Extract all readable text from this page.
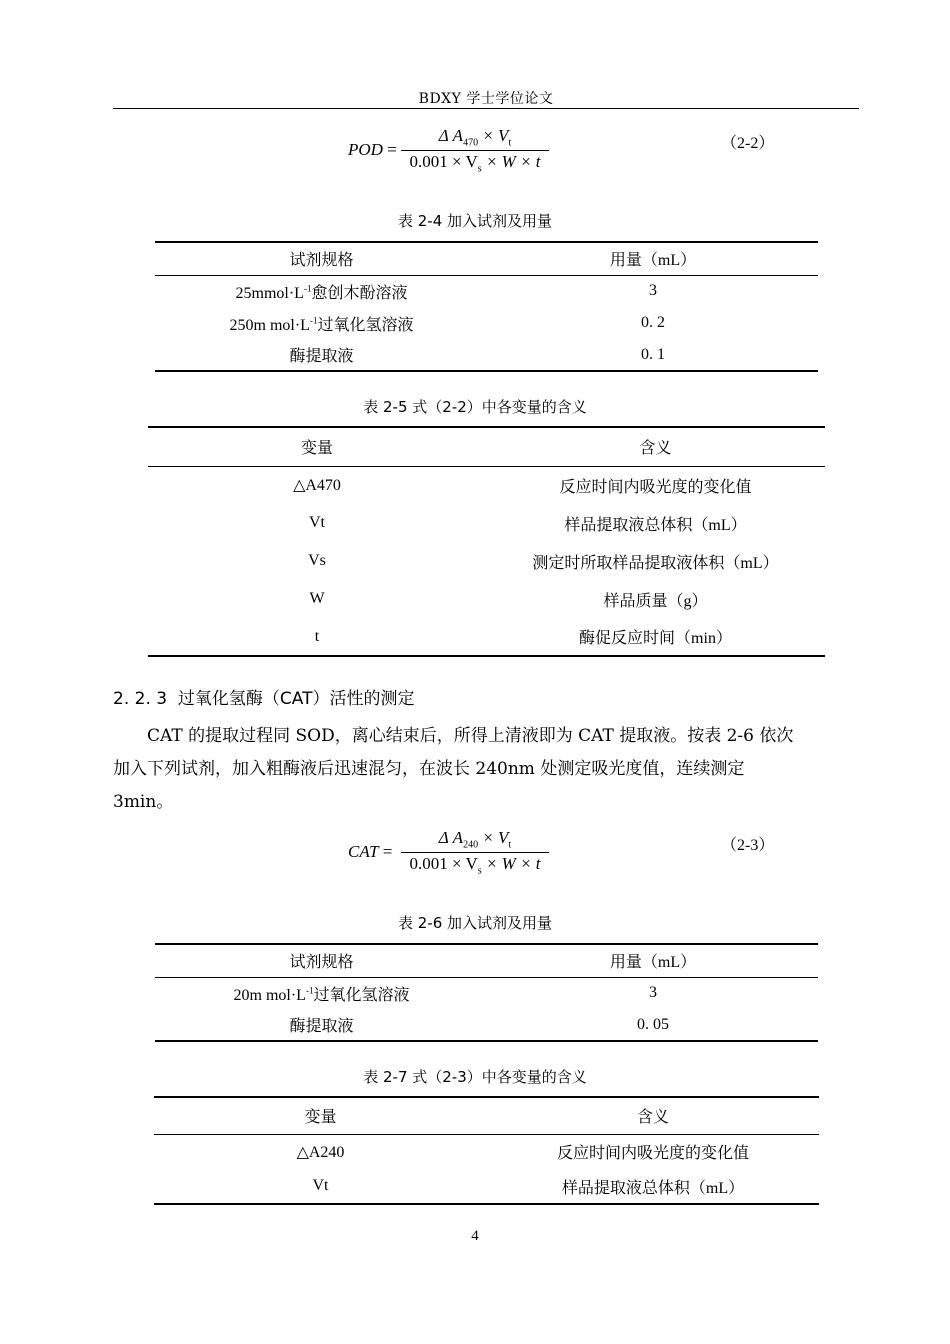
BDXY 学士学位论文
POD =
Δ $A_{470} \times V_t$
$0.001 \times V_s \times W \times t$
（2-2）
表 2-4 加入试剂及用量
试剂规格	用量（mL）
$25mmol\cdot L^{-1}$愈创木酚溶液	3
250m $mol\cdot L^{-1}$过氧化氢溶液	0. 2
酶提取液	0. 1
表 2-5 式（2-2）中各变量的含义
变量	含义
△A470	反应时间内吸光度的变化值
Vt	样品提取液总体积（mL）
Vs	测定时所取样品提取液体积（mL）
W	样品质量（g）
t	酶促反应时间（min）
2. 2. 3 过氧化氢酶（CAT）活性的测定
CAT 的提取过程同 SOD，离心结束后，所得上清液即为 CAT 提取液。按表 2-6 依次
加入下列试剂，加入粗酶液后迅速混匀，在波长 240nm 处测定吸光度值，连续测定
3min。
CAT =
Δ $A_{240} \times V_t$
$0.001 \times V_s \times W \times t$
（2-3）
表 2-6 加入试剂及用量
试剂规格	用量（mL）
20m $mol\cdot L^{-1}$过氧化氢溶液	3
酶提取液	0. 05
表 2-7 式（2-3）中各变量的含义
变量	含义
△A240	反应时间内吸光度的变化值
Vt	样品提取液总体积（mL）
4
